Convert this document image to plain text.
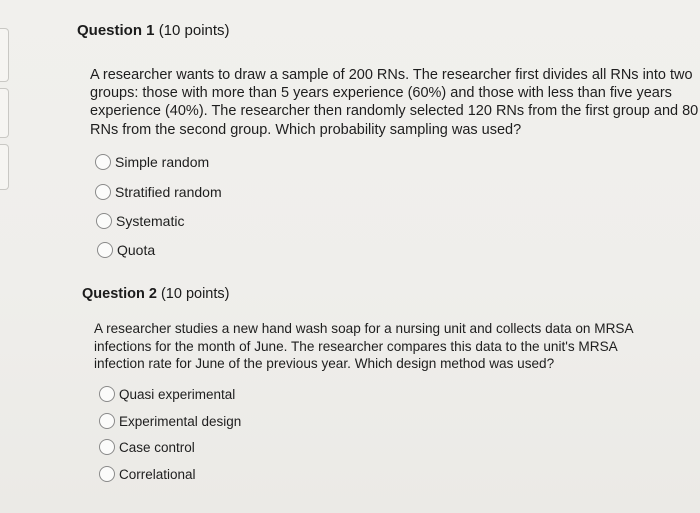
Question 1 (10 points)
A researcher wants to draw a sample of 200 RNs. The researcher first divides all RNs into two
groups: those with more than 5 years experience (60%) and those with less than five years
experience (40%). The researcher then randomly selected 120 RNs from the first group and 80
RNs from the second group. Which probability sampling was used?
Simple random
Stratified random
Systematic
Quota
Question 2 (10 points)
A researcher studies a new hand wash soap for a nursing unit and collects data on MRSA
infections for the month of June. The researcher compares this data to the unit's MRSA
infection rate for June of the previous year. Which design method was used?
Quasi experimental
Experimental design
Case control
Correlational
